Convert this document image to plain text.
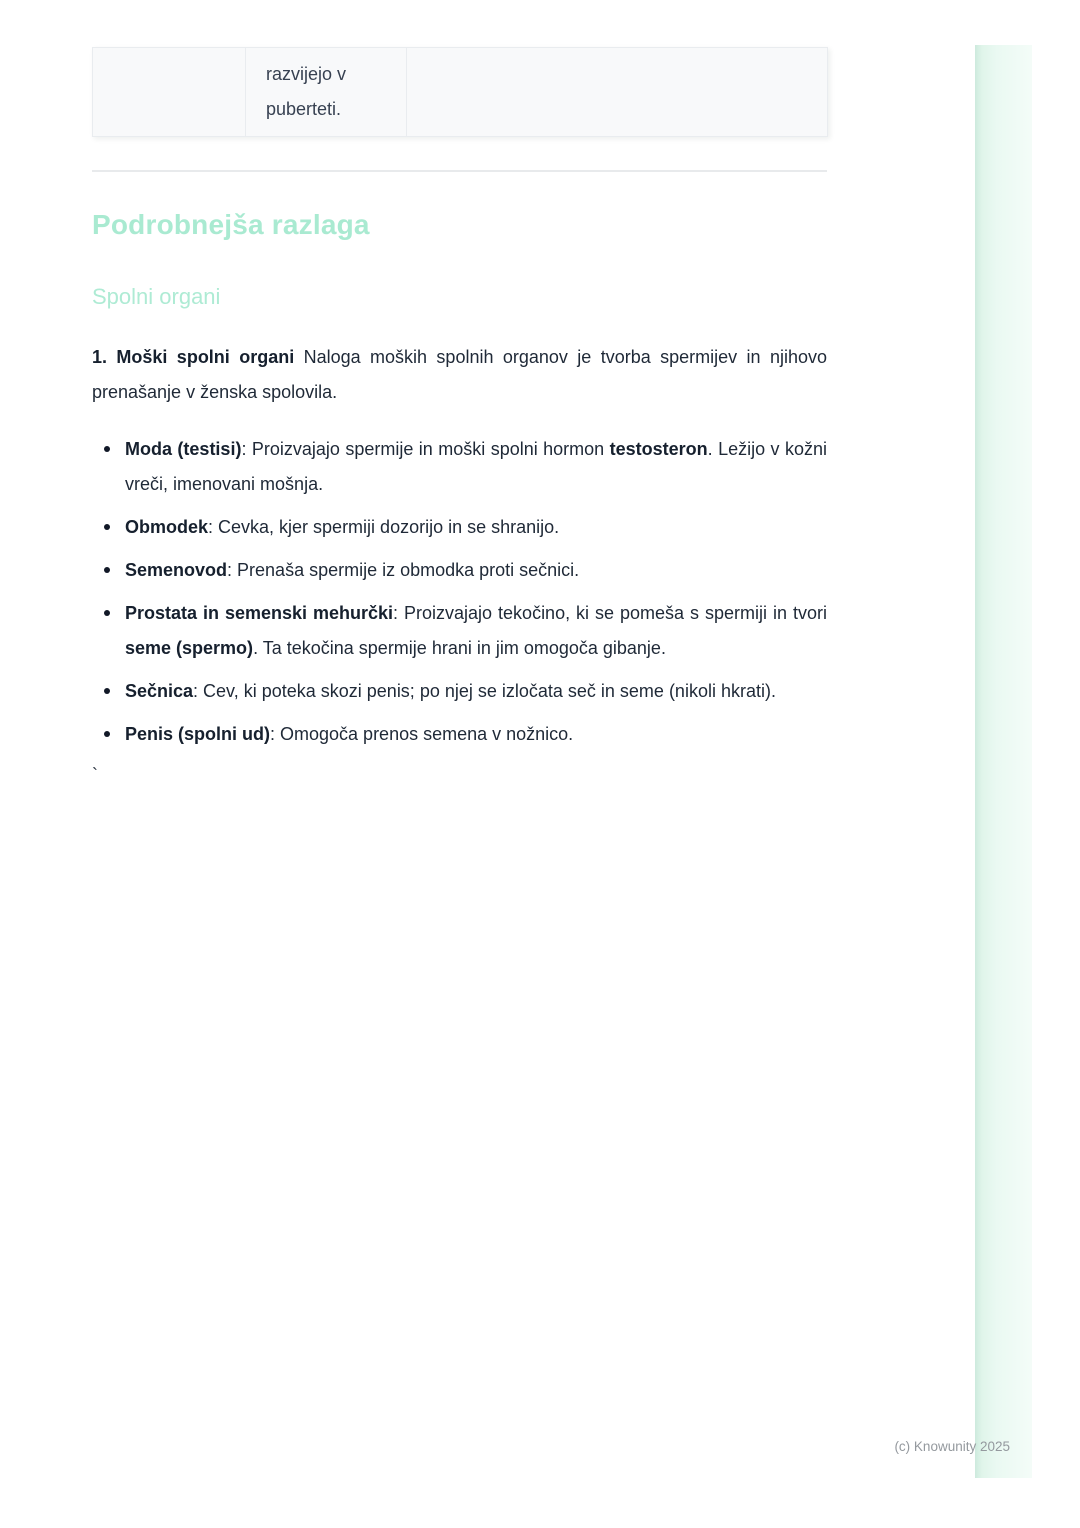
	razvijejo v puberteti.	
Podrobnejša razlaga
Spolni organi

1. Moški spolni organi Naloga moških spolnih organov je tvorba spermijev in njihovo prenašanje v ženska spolovila.

Moda (testisi): Proizvajajo spermije in moški spolni hormon testosteron. Ležijo v kožni vreči, imenovani mošnja.
Obmodek: Cevka, kjer spermiji dozorijo in se shranijo.
Semenovod: Prenaša spermije iz obmodka proti sečnici.
Prostata in semenski mehurčki: Proizvajajo tekočino, ki se pomeša s spermiji in tvori seme (spermo). Ta tekočina spermije hrani in jim omogoča gibanje.
Sečnica: Cev, ki poteka skozi penis; po njej se izločata seč in seme (nikoli hkrati).
Penis (spolni ud): Omogoča prenos semena v nožnico.

`

(c) Knowunity 2025
